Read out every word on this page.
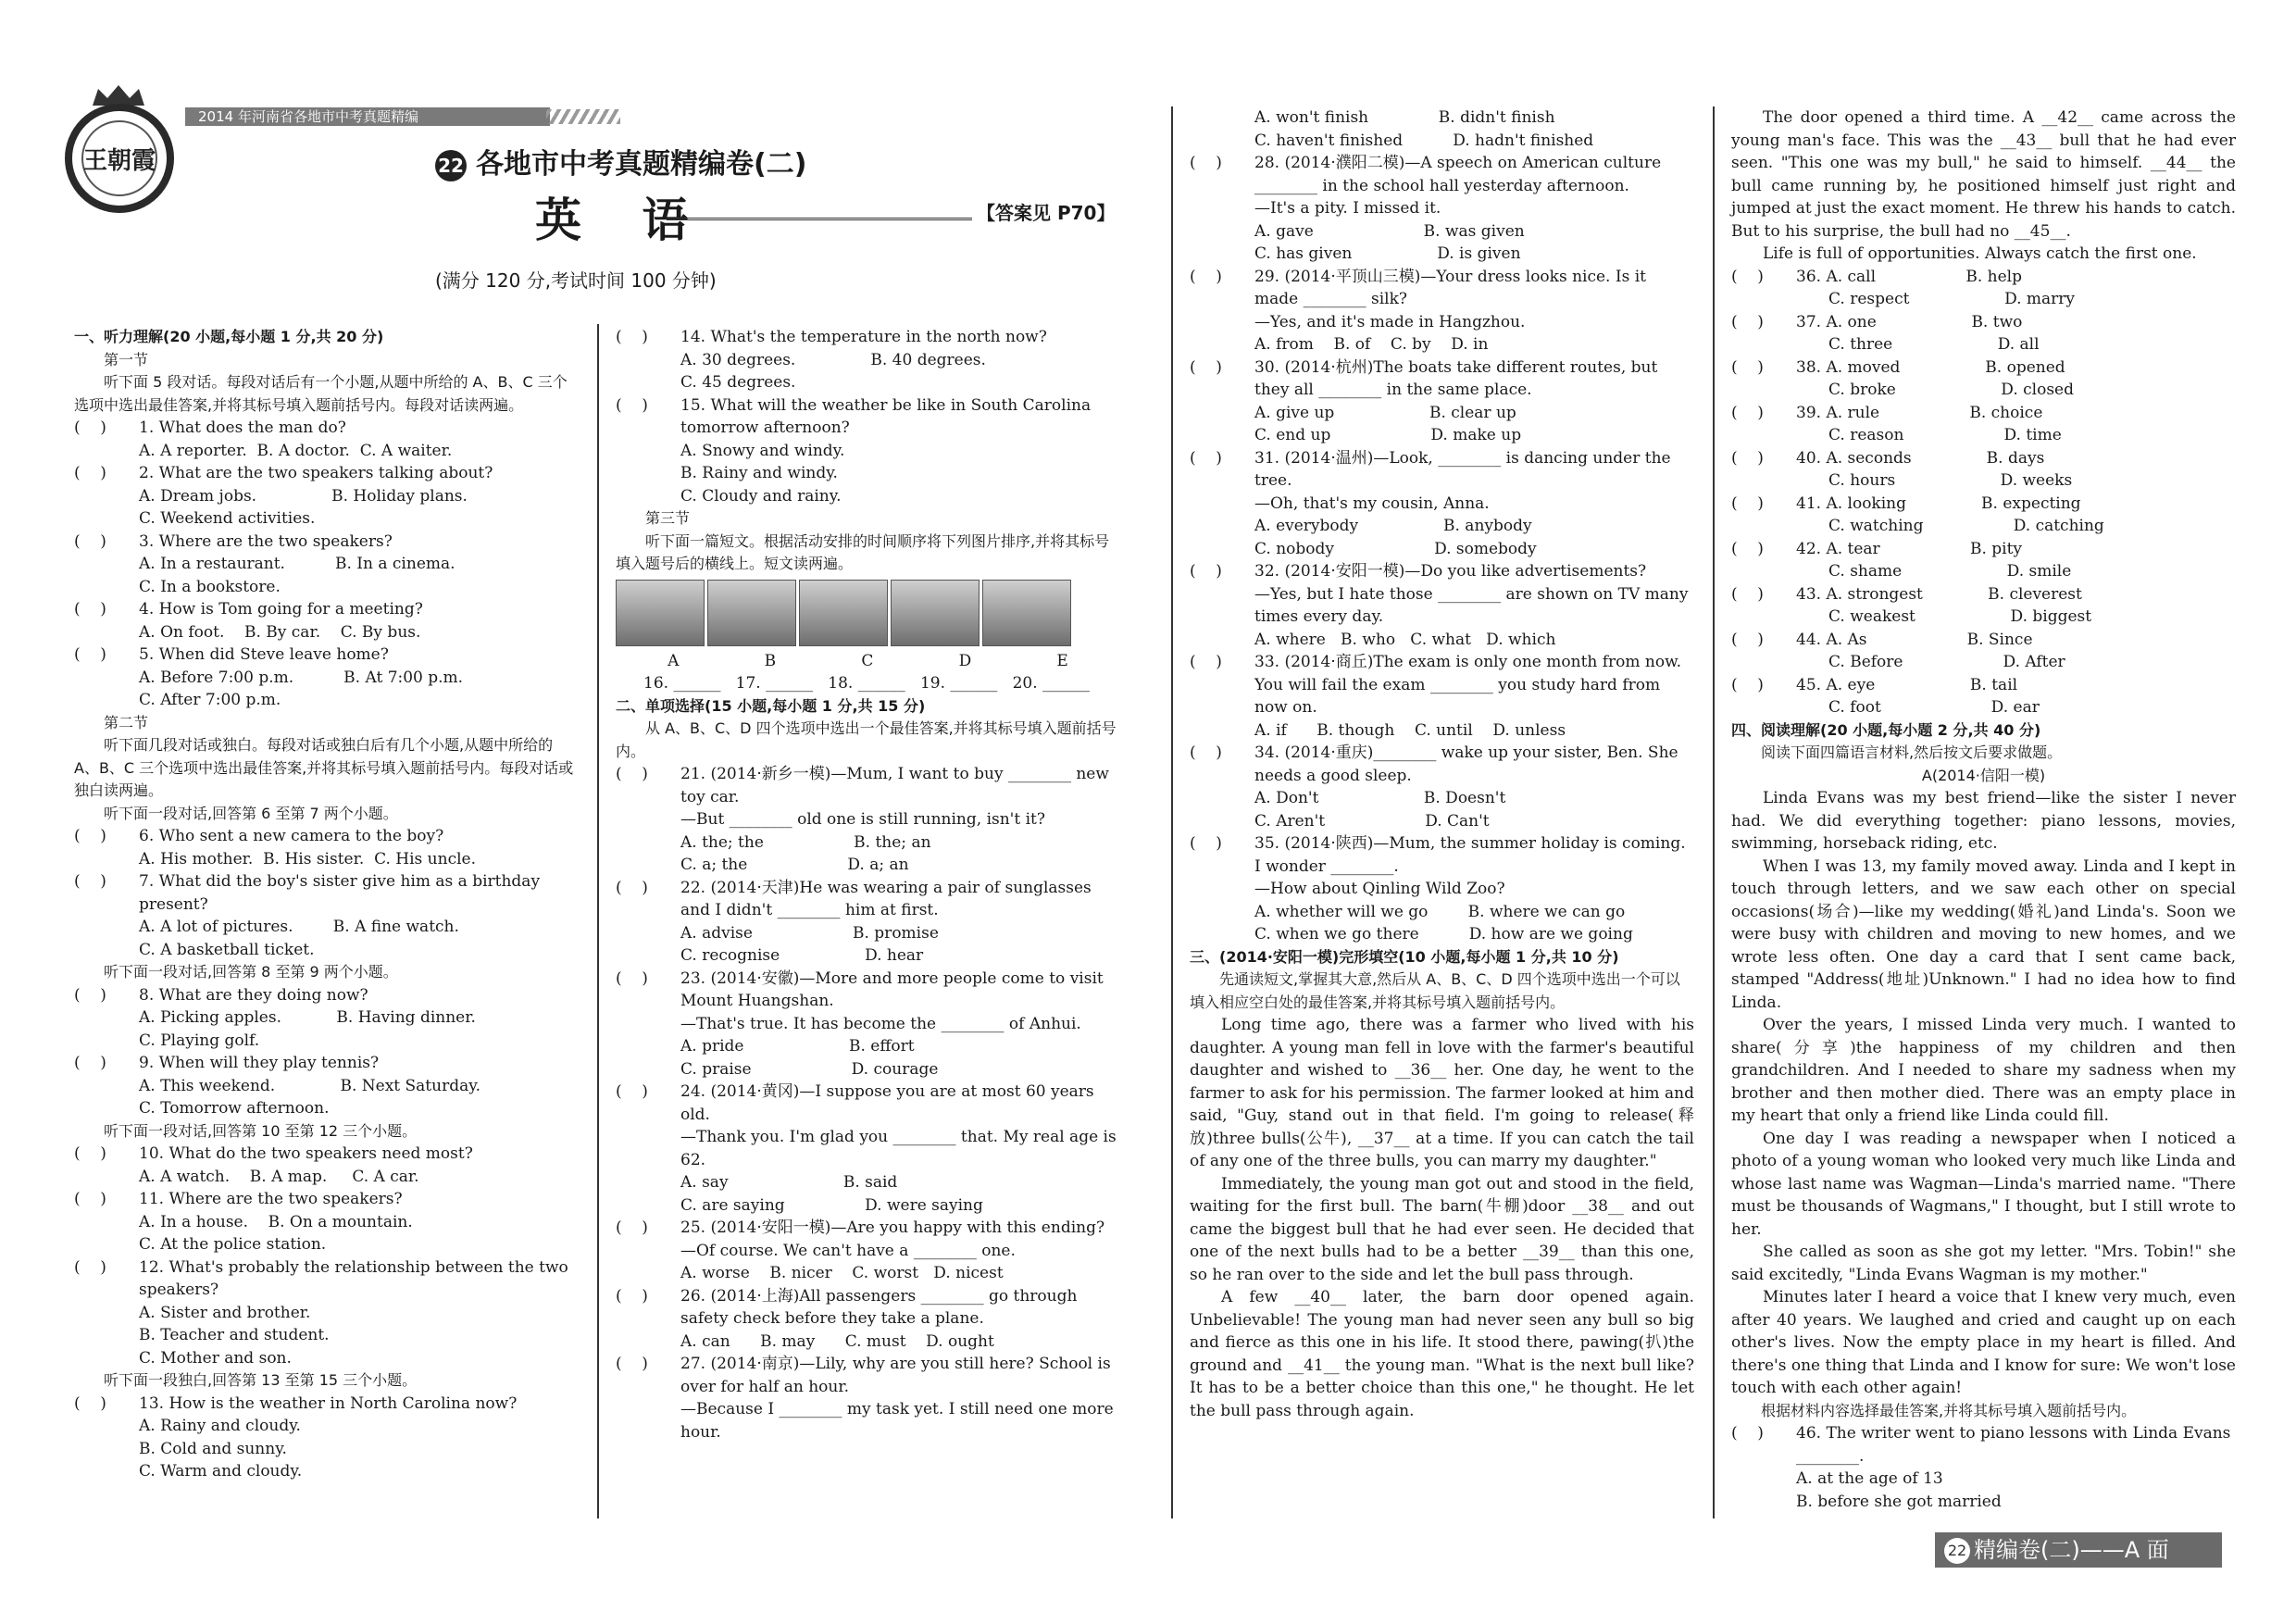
王朝霞
2014 年河南省各地市中考真题精编
22 各地市中考真题精编卷(二)
英 语	【答案见 P70】
(满分 120 分,考试时间 100 分钟)

一、听力理解(20 小题,每小题 1 分,共 20 分)

第一节

听下面 5 段对话。每段对话后有一个小题,从题中所给的 A、B、C 三个选项中选出最佳答案,并将其标号填入题前括号内。每段对话读两遍。

(    )	1. What does the man do?

A. A reporter.  B. A doctor.  C. A waiter.

(    )	2. What are the two speakers talking about?

A. Dream jobs.               B. Holiday plans.

C. Weekend activities.

(    )	3. Where are the two speakers?

A. In a restaurant.          B. In a cinema.

C. In a bookstore.

(    )	4. How is Tom going for a meeting?

A. On foot.    B. By car.    C. By bus.

(    )	5. When did Steve leave home?

A. Before 7:00 p.m.          B. At 7:00 p.m.

C. After 7:00 p.m.

第二节

听下面几段对话或独白。每段对话或独白后有几个小题,从题中所给的 A、B、C 三个选项中选出最佳答案,并将其标号填入题前括号内。每段对话或独白读两遍。

听下面一段对话,回答第 6 至第 7 两个小题。

(    )	6. Who sent a new camera to the boy?

A. His mother.  B. His sister.  C. His uncle.

(    )	7. What did the boy's sister give him as a birthday present?

A. A lot of pictures.        B. A fine watch.

C. A basketball ticket.

听下面一段对话,回答第 8 至第 9 两个小题。

(    )	8. What are they doing now?

A. Picking apples.           B. Having dinner.

C. Playing golf.

(    )	9. When will they play tennis?

A. This weekend.             B. Next Saturday.

C. Tomorrow afternoon.

听下面一段对话,回答第 10 至第 12 三个小题。

(    )	10. What do the two speakers need most?

A. A watch.    B. A map.     C. A car.

(    )	11. Where are the two speakers?

A. In a house.    B. On a mountain.

C. At the police station.

(    )	12. What's probably the relationship between the two speakers?

A. Sister and brother.

B. Teacher and student.

C. Mother and son.

听下面一段独白,回答第 13 至第 15 三个小题。

(    )	13. How is the weather in North Carolina now?

A. Rainy and cloudy.

B. Cold and sunny.

C. Warm and cloudy.

(    )	14. What's the temperature in the north now?

A. 30 degrees.               B. 40 degrees.

C. 45 degrees.

(    )	15. What will the weather be like in South Carolina tomorrow afternoon?

A. Snowy and windy.

B. Rainy and windy.

C. Cloudy and rainy.

第三节

听下面一篇短文。根据活动安排的时间顺序将下列图片排序,并将其标号填入题号后的横线上。短文读两遍。

A	B	C	D	E

16. ______   17. ______   18. ______   19. ______   20. ______

二、单项选择(15 小题,每小题 1 分,共 15 分)

从 A、B、C、D 四个选项中选出一个最佳答案,并将其标号填入题前括号内。

(    )	21. (2014·新乡一模)—Mum, I want to buy ________ new toy car.

—But ________ old one is still running, isn't it?

A. the; the                  B. the; an

C. a; the                    D. a; an

(    )	22. (2014·天津)He was wearing a pair of sunglasses and I didn't ________ him at first.

A. advise                    B. promise

C. recognise                 D. hear

(    )	23. (2014·安徽)—More and more people come to visit Mount Huangshan.

—That's true. It has become the ________ of Anhui.

A. pride                     B. effort

C. praise                    D. courage

(    )	24. (2014·黄冈)—I suppose you are at most 60 years old.

—Thank you. I'm glad you ________ that. My real age is 62.

A. say                       B. said

C. are saying                D. were saying

(    )	25. (2014·安阳一模)—Are you happy with this ending?

—Of course. We can't have a ________ one.

A. worse    B. nicer    C. worst   D. nicest

(    )	26. (2014·上海)All passengers ________ go through safety check before they take a plane.

A. can      B. may      C. must    D. ought

(    )	27. (2014·南京)—Lily, why are you still here? School is over for half an hour.

—Because I ________ my task yet. I still need one more hour.

A. won't finish              B. didn't finish

C. haven't finished          D. hadn't finished

(    )	28. (2014·濮阳二模)—A speech on American culture ________ in the school hall yesterday afternoon.

—It's a pity. I missed it.

A. gave                      B. was given

C. has given                 D. is given

(    )	29. (2014·平顶山三模)—Your dress looks nice. Is it made ________ silk?

—Yes, and it's made in Hangzhou.

A. from    B. of    C. by    D. in

(    )	30. (2014·杭州)The boats take different routes, but they all ________ in the same place.

A. give up                   B. clear up

C. end up                    D. make up

(    )	31. (2014·温州)—Look, ________ is dancing under the tree.

—Oh, that's my cousin, Anna.

A. everybody                 B. anybody

C. nobody                    D. somebody

(    )	32. (2014·安阳一模)—Do you like advertisements?

—Yes, but I hate those ________ are shown on TV many times every day.

A. where   B. who   C. what   D. which

(    )	33. (2014·商丘)The exam is only one month from now. You will fail the exam ________ you study hard from now on.

A. if      B. though    C. until    D. unless

(    )	34. (2014·重庆)________ wake up your sister, Ben. She needs a good sleep.

A. Don't                     B. Doesn't

C. Aren't                    D. Can't

(    )	35. (2014·陕西)—Mum, the summer holiday is coming. I wonder ________.

—How about Qinling Wild Zoo?

A. whether will we go        B. where we can go

C. when we go there          D. how are we going

三、(2014·安阳一模)完形填空(10 小题,每小题 1 分,共 10 分)

先通读短文,掌握其大意,然后从 A、B、C、D 四个选项中选出一个可以填入相应空白处的最佳答案,并将其标号填入题前括号内。

Long time ago, there was a farmer who lived with his daughter. A young man fell in love with the farmer's beautiful daughter and wished to __36__ her. One day, he went to the farmer to ask for his permission. The farmer looked at him and said, "Guy, stand out in that field. I'm going to release(释放)three bulls(公牛), __37__ at a time. If you can catch the tail of any one of the three bulls, you can marry my daughter."

Immediately, the young man got out and stood in the field, waiting for the first bull. The barn(牛棚)door __38__ and out came the biggest bull that he had ever seen. He decided that one of the next bulls had to be a better __39__ than this one, so he ran over to the side and let the bull pass through.

A few __40__ later, the barn door opened again. Unbelievable! The young man had never seen any bull so big and fierce as this one in his life. It stood there, pawing(扒)the ground and __41__ the young man. "What is the next bull like? It has to be a better choice than this one," he thought. He let the bull pass through again.

The door opened a third time. A __42__ came across the young man's face. This was the __43__ bull that he had ever seen. "This one was my bull," he said to himself. __44__ the bull came running by, he positioned himself just right and jumped at just the exact moment. He threw his hands to catch. But to his surprise, the bull had no __45__.

Life is full of opportunities. Always catch the first one.

(    )	36. A. call                  B. help

C. respect                   D. marry

(    )	37. A. one                   B. two

C. three                     D. all

(    )	38. A. moved                 B. opened

C. broke                     D. closed

(    )	39. A. rule                  B. choice

C. reason                    D. time

(    )	40. A. seconds               B. days

C. hours                     D. weeks

(    )	41. A. looking               B. expecting

C. watching                  D. catching

(    )	42. A. tear                  B. pity

C. shame                     D. smile

(    )	43. A. strongest             B. cleverest

C. weakest                   D. biggest

(    )	44. A. As                    B. Since

C. Before                    D. After

(    )	45. A. eye                   B. tail

C. foot                      D. ear

四、阅读理解(20 小题,每小题 2 分,共 40 分)

阅读下面四篇语言材料,然后按文后要求做题。

A(2014·信阳一模)

Linda Evans was my best friend—like the sister I never had. We did everything together: piano lessons, movies, swimming, horseback riding, etc.

When I was 13, my family moved away. Linda and I kept in touch through letters, and we saw each other on special occasions(场合)—like my wedding(婚礼)and Linda's. Soon we were busy with children and moving to new homes, and we wrote less often. One day a card that I sent came back, stamped "Address(地址)Unknown." I had no idea how to find Linda.

Over the years, I missed Linda very much. I wanted to share(分享)the happiness of my children and then grandchildren. And I needed to share my sadness when my brother and then mother died. There was an empty place in my heart that only a friend like Linda could fill.

One day I was reading a newspaper when I noticed a photo of a young woman who looked very much like Linda and whose last name was Wagman—Linda's married name. "There must be thousands of Wagmans," I thought, but I still wrote to her.

She called as soon as she got my letter. "Mrs. Tobin!" she said excitedly, "Linda Evans Wagman is my mother."

Minutes later I heard a voice that I knew very much, even after 40 years. We laughed and cried and caught up on each other's lives. Now the empty place in my heart is filled. And there's one thing that Linda and I know for sure: We won't lose touch with each other again!

根据材料内容选择最佳答案,并将其标号填入题前括号内。

(    )	46. The writer went to piano lessons with Linda Evans ________.

A. at the age of 13

B. before she got married

22 精编卷(二)——A 面
